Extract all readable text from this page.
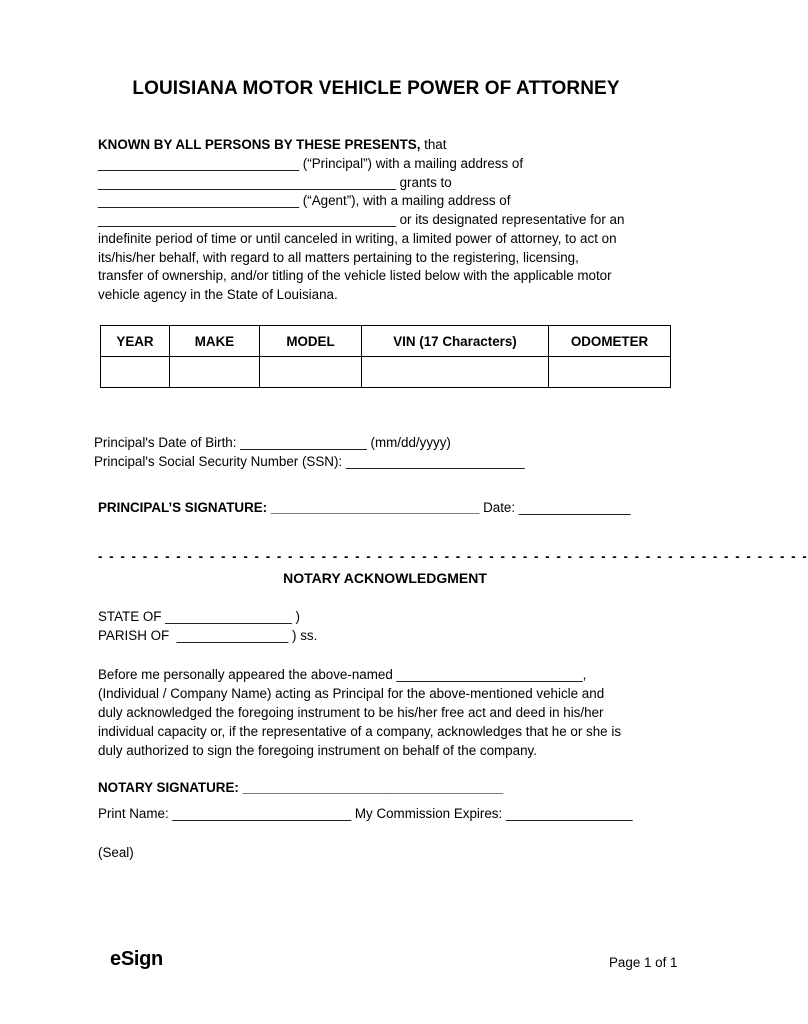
LOUISIANA MOTOR VEHICLE POWER OF ATTORNEY
KNOWN BY ALL PERSONS BY THESE PRESENTS, that
___________________________ (“Principal”) with a mailing address of
________________________________________ grants to
___________________________ (“Agent”), with a mailing address of
________________________________________ or its designated representative for an
indefinite period of time or until canceled in writing, a limited power of attorney, to act on
its/his/her behalf, with regard to all matters pertaining to the registering, licensing,
transfer of ownership, and/or titling of the vehicle listed below with the applicable motor
vehicle agency in the State of Louisiana.
YEAR	MAKE	MODEL	VIN (17 Characters)	ODOMETER

Principal's Date of Birth: _________________ (mm/dd/yyyy)
Principal's Social Security Number (SSN): ________________________
PRINCIPAL’S SIGNATURE: ____________________________ Date: _______________
- - - - - - - - - - - - - - - - - - - - - - - - - - - - - - - - - - - - - - - - - - - - - - - - - - - - - - - - - - - - - - - -
NOTARY ACKNOWLEDGMENT
STATE OF _________________ )
PARISH OF  _______________ ) ss.
Before me personally appeared the above-named _________________________,
(Individual / Company Name) acting as Principal for the above-mentioned vehicle and
duly acknowledged the foregoing instrument to be his/her free act and deed in his/her
individual capacity or, if the representative of a company, acknowledges that he or she is
duly authorized to sign the foregoing instrument on behalf of the company.
NOTARY SIGNATURE: ___________________________________
Print Name: ________________________ My Commission Expires: _________________
(Seal)
eSign	Page 1 of 1
